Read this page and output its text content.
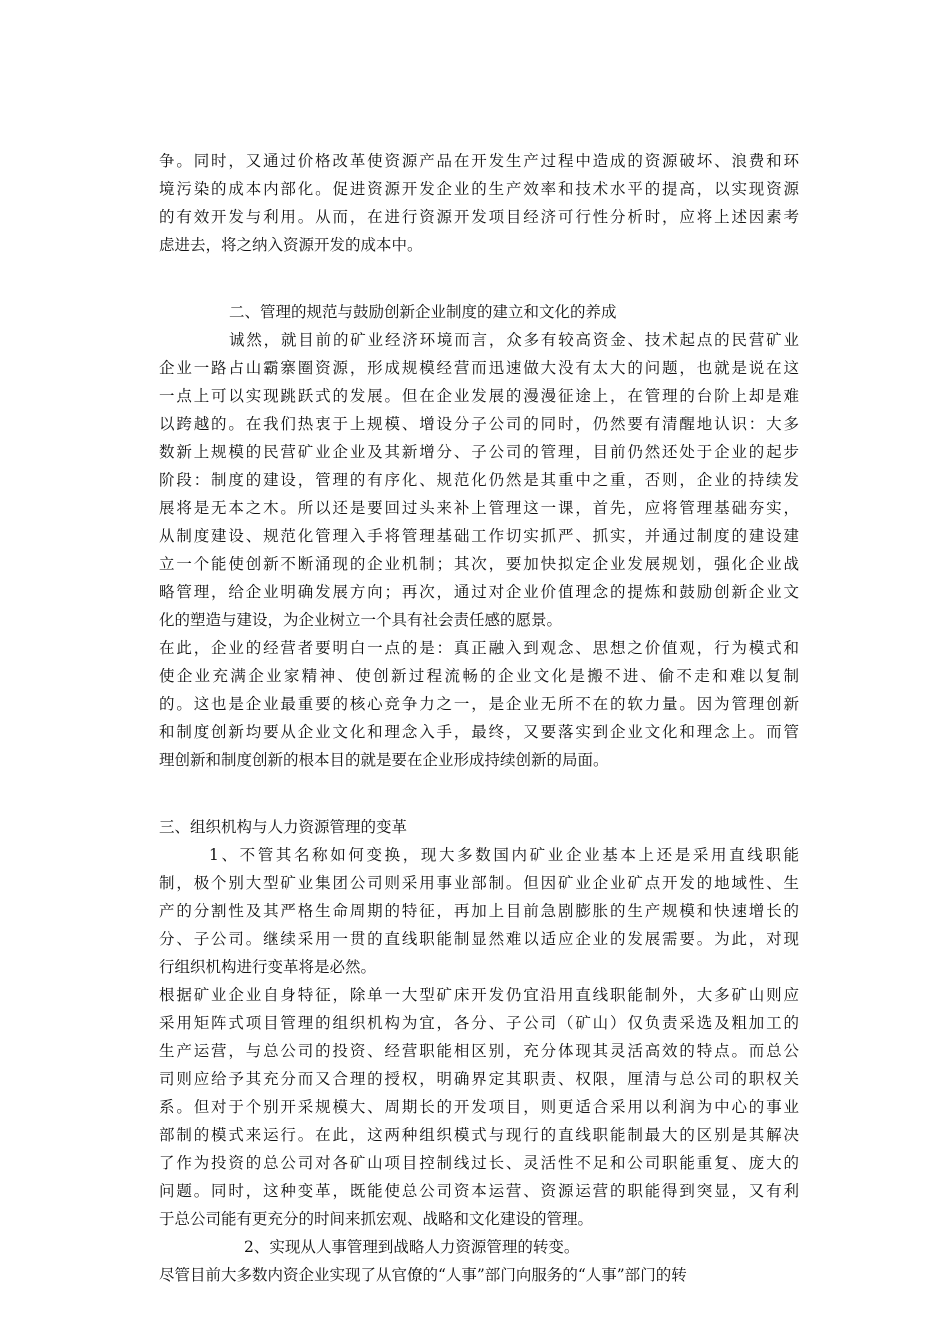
争。同时，又通过价格改革使资源产品在开发生产过程中造成的资源破坏、浪费和环
境污染的成本内部化。促进资源开发企业的生产效率和技术水平的提高，以实现资源
的有效开发与利用。从而，在进行资源开发项目经济可行性分析时，应将上述因素考
虑进去，将之纳入资源开发的成本中。
二、管理的规范与鼓励创新企业制度的建立和文化的养成
诚然，就目前的矿业经济环境而言，众多有较高资金、技术起点的民营矿业
企业一路占山霸寨圈资源，形成规模经营而迅速做大没有太大的问题，也就是说在这
一点上可以实现跳跃式的发展。但在企业发展的漫漫征途上，在管理的台阶上却是难
以跨越的。在我们热衷于上规模、增设分子公司的同时，仍然要有清醒地认识：大多
数新上规模的民营矿业企业及其新增分、子公司的管理，目前仍然还处于企业的起步
阶段：制度的建设，管理的有序化、规范化仍然是其重中之重，否则，企业的持续发
展将是无本之木。所以还是要回过头来补上管理这一课，首先，应将管理基础夯实，
从制度建设、规范化管理入手将管理基础工作切实抓严、抓实，并通过制度的建设建
立一个能使创新不断涌现的企业机制；其次，要加快拟定企业发展规划，强化企业战
略管理，给企业明确发展方向；再次，通过对企业价值理念的提炼和鼓励创新企业文
化的塑造与建设，为企业树立一个具有社会责任感的愿景。
在此，企业的经营者要明白一点的是：真正融入到观念、思想之价值观，行为模式和
使企业充满企业家精神、使创新过程流畅的企业文化是搬不进、偷不走和难以复制
的。这也是企业最重要的核心竞争力之一，是企业无所不在的软力量。因为管理创新
和制度创新均要从企业文化和理念入手，最终，又要落实到企业文化和理念上。而管
理创新和制度创新的根本目的就是要在企业形成持续创新的局面。
三、组织机构与人力资源管理的变革
1、不管其名称如何变换，现大多数国内矿业企业基本上还是采用直线职能
制，极个别大型矿业集团公司则采用事业部制。但因矿业企业矿点开发的地域性、生
产的分割性及其严格生命周期的特征，再加上目前急剧膨胀的生产规模和快速增长的
分、子公司。继续采用一贯的直线职能制显然难以适应企业的发展需要。为此，对现
行组织机构进行变革将是必然。
根据矿业企业自身特征，除单一大型矿床开发仍宜沿用直线职能制外，大多矿山则应
采用矩阵式项目管理的组织机构为宜，各分、子公司（矿山）仅负责采选及粗加工的
生产运营，与总公司的投资、经营职能相区别，充分体现其灵活高效的特点。而总公
司则应给予其充分而又合理的授权，明确界定其职责、权限，厘清与总公司的职权关
系。但对于个别开采规模大、周期长的开发项目，则更适合采用以利润为中心的事业
部制的模式来运行。在此，这两种组织模式与现行的直线职能制最大的区别是其解决
了作为投资的总公司对各矿山项目控制线过长、灵活性不足和公司职能重复、庞大的
问题。同时，这种变革，既能使总公司资本运营、资源运营的职能得到突显，又有利
于总公司能有更充分的时间来抓宏观、战略和文化建设的管理。
2、实现从人事管理到战略人力资源管理的转变。
尽管目前大多数内资企业实现了从官僚的“人事”部门向服务的“人事”部门的转
